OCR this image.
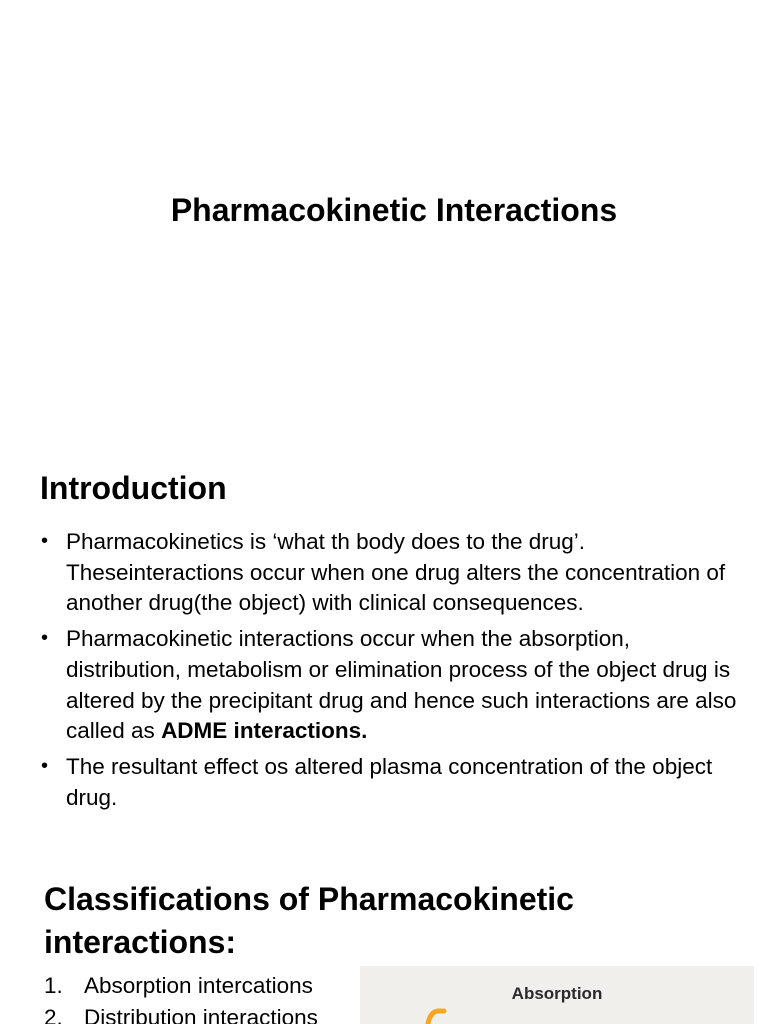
Pharmacokinetic Interactions
Introduction
• Pharmacokinetics is ‘what th body does to the drug’. Theseinteractions occur when one drug alters the concentration of another drug(the object) with clinical consequences.
• Pharmacokinetic interactions occur when the absorption, distribution, metabolism or elimination process of the object drug is altered by the precipitant drug and hence such interactions are also called as ADME interactions.
• The resultant effect os altered plasma concentration of the object drug.
Classifications of Pharmacokinetic interactions:
1. Absorption intercations
2. Distribution interactions
Absorption
